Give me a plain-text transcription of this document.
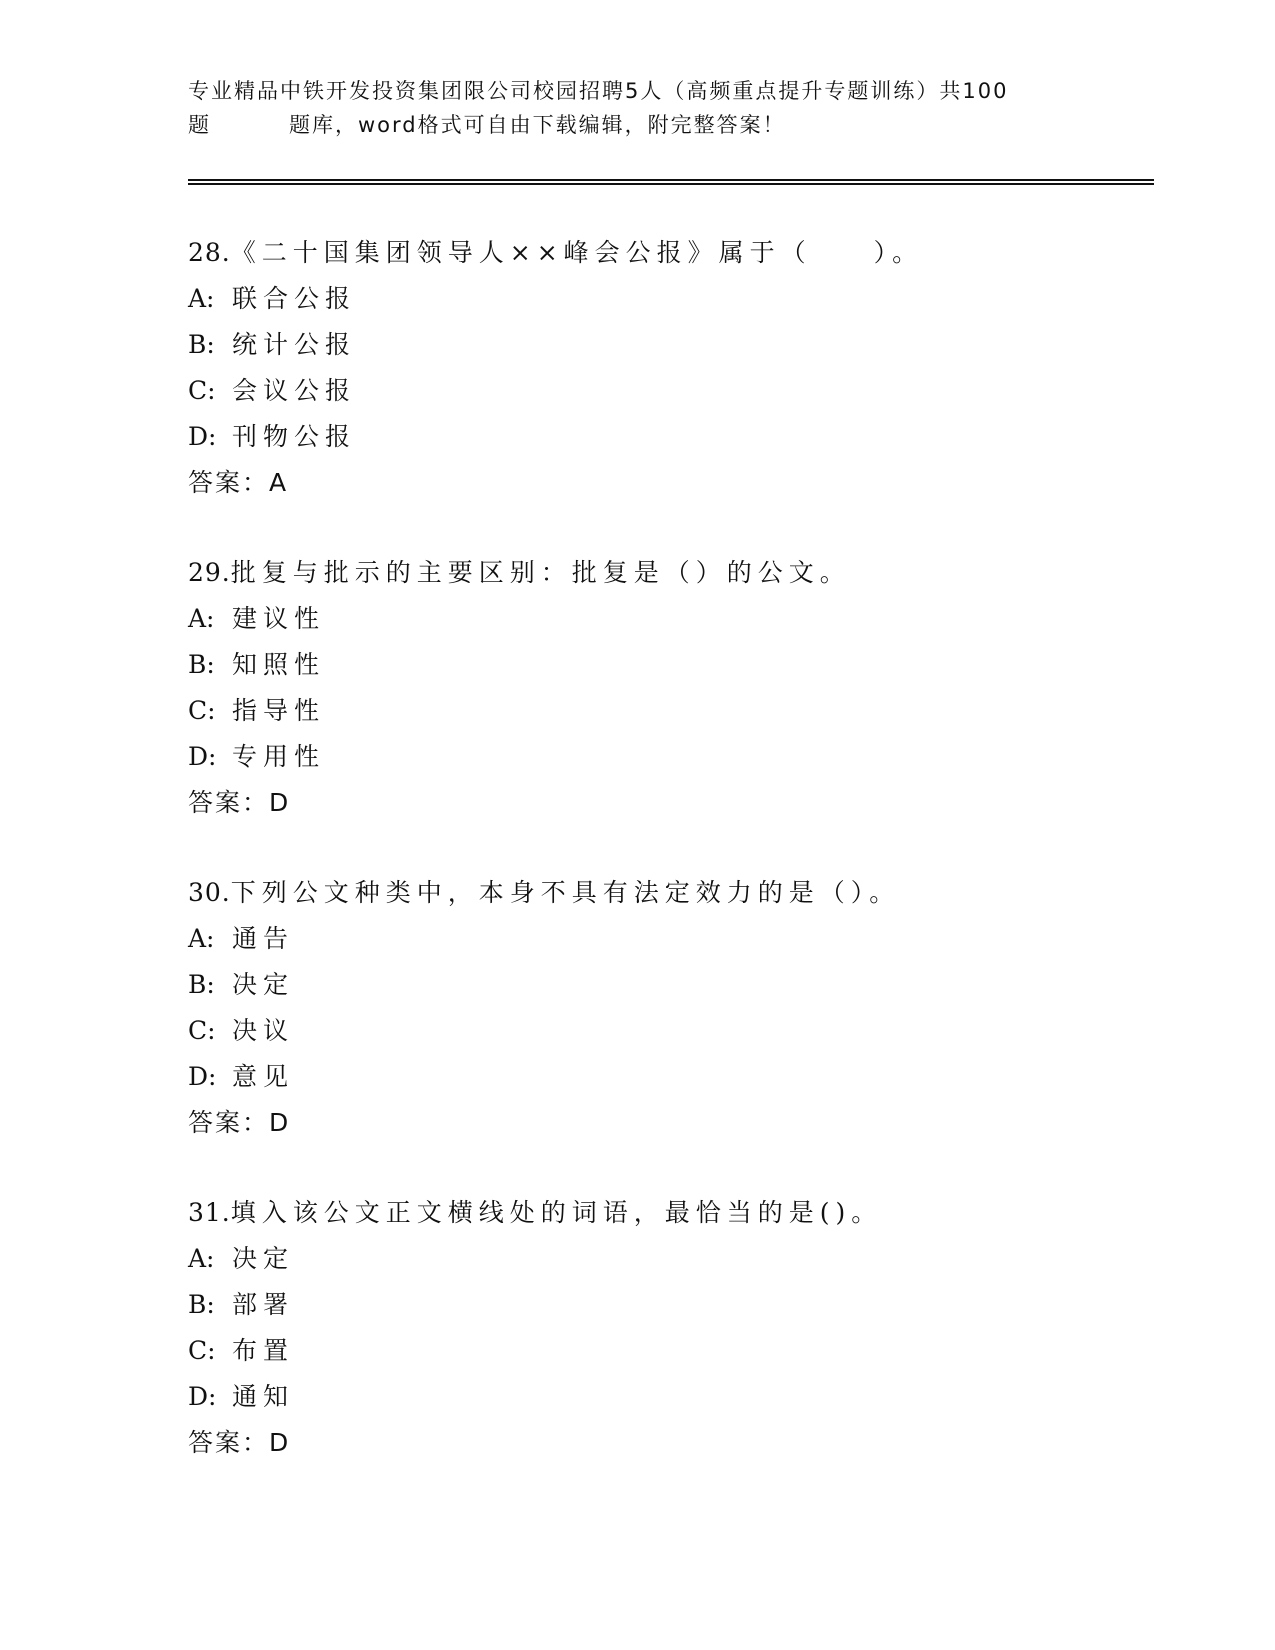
专业精品中铁开发投资集团限公司校园招聘5人（高频重点提升专题训练）共100
题	题库，word格式可自由下载编辑，附完整答案！
28.《二十国集团领导人××峰会公报》属于（　　）。
A: 联合公报
B: 统计公报
C: 会议公报
D: 刊物公报
答案：A
29.批复与批示的主要区别：批复是（）的公文。
A: 建议性
B: 知照性
C: 指导性
D: 专用性
答案：D
30.下列公文种类中，本身不具有法定效力的是（）。
A: 通告
B: 决定
C: 决议
D: 意见
答案：D
31.填入该公文正文横线处的词语，最恰当的是()。
A: 决定
B: 部署
C: 布置
D: 通知
答案：D
